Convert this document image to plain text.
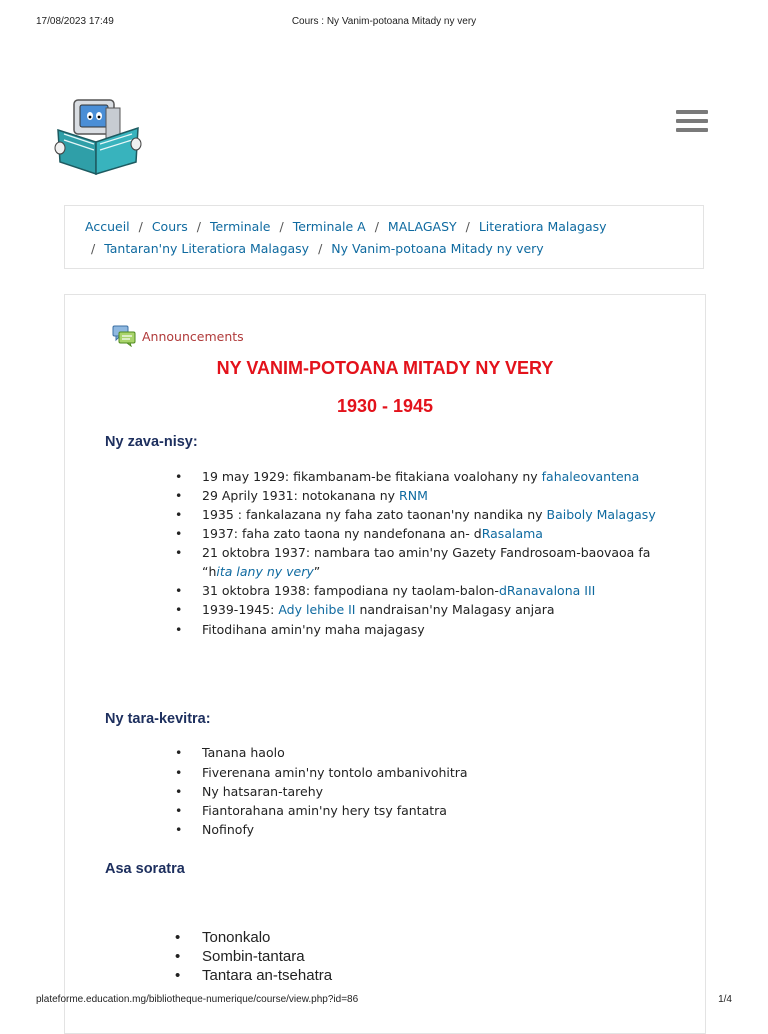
17/08/2023 17:49	Cours : Ny Vanim-potoana Mitady ny very
Accueil / Cours / Terminale / Terminale A / MALAGASY / Literatiora Malagasy
/ Tantaran'ny Literatiora Malagasy / Ny Vanim-potoana Mitady ny very
Announcements
NY VANIM-POTOANA MITADY NY VERY
1930 - 1945
Ny zava-nisy:
• 19 may 1929: fikambanam-be fitakiana voalohany ny fahaleovantena
• 29 Aprily 1931: notokanana ny RNM
• 1935 : fankalazana ny faha zato taonan'ny nandika ny Baiboly Malagasy
• 1937: faha zato taona ny nandefonana an- dRasalama
• 21 oktobra 1937: nambara tao amin'ny Gazety Fandrosoam-baovaoa fa
“hita lany ny very”
• 31 oktobra 1938: fampodiana ny taolam-balon-dRanavalona III
• 1939-1945: Ady lehibe II nandraisan'ny Malagasy anjara
• Fitodihana amin'ny maha majagasy
Ny tara-kevitra:
• Tanana haolo
• Fiverenana amin'ny tontolo ambanivohitra
• Ny hatsaran-tarehy
• Fiantorahana amin'ny hery tsy fantatra
• Nofinofy
Asa soratra
• Tononkalo
• Sombin-tantara
• Tantara an-tsehatra
plateforme.education.mg/bibliotheque-numerique/course/view.php?id=86	1/4
